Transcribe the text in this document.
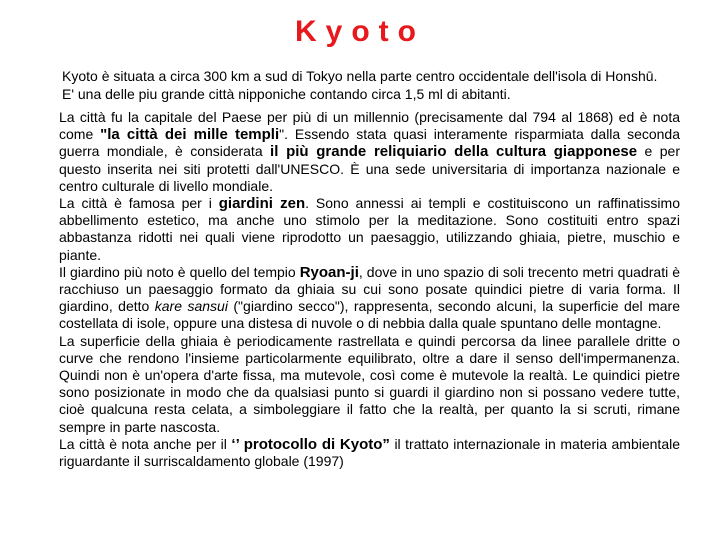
Kyoto

Kyoto è situata a circa 300 km a sud di Tokyo nella parte centro occidentale dell'isola di Honshū.

E' una delle piu grande città nipponiche contando circa 1,5 ml di abitanti.

La città fu la capitale del Paese per più di un millennio (precisamente dal 794 al 1868) ed è nota come "la città dei mille templi". Essendo stata quasi interamente risparmiata dalla seconda guerra mondiale, è considerata il più grande reliquiario della cultura giapponese e per questo inserita nei siti protetti dall'UNESCO. È una sede universitaria di importanza nazionale e centro culturale di livello mondiale.

La città è famosa per i giardini zen. Sono annessi ai templi e costituiscono un raffinatissimo abbellimento estetico, ma anche uno stimolo per la meditazione. Sono costituiti entro spazi abbastanza ridotti nei quali viene riprodotto un paesaggio, utilizzando ghiaia, pietre, muschio e piante.

Il giardino più noto è quello del tempio Ryoan-ji, dove in uno spazio di soli trecento metri quadrati è racchiuso un paesaggio formato da ghiaia su cui sono posate quindici pietre di varia forma. Il giardino, detto kare sansui ("giardino secco"), rappresenta, secondo alcuni, la superficie del mare costellata di isole, oppure una distesa di nuvole o di nebbia dalla quale spuntano delle montagne.

La superficie della ghiaia è periodicamente rastrellata e quindi percorsa da linee parallele dritte o curve che rendono l'insieme particolarmente equilibrato, oltre a dare il senso dell'impermanenza. Quindi non è un'opera d'arte fissa, ma mutevole, così come è mutevole la realtà. Le quindici pietre sono posizionate in modo che da qualsiasi punto si guardi il giardino non si possano vedere tutte, cioè qualcuna resta celata, a simboleggiare il fatto che la realtà, per quanto la si scruti, rimane sempre in parte nascosta.

La città è nota anche per il ‘’ protocollo di Kyoto” il trattato internazionale in materia ambientale riguardante il surriscaldamento globale (1997)
